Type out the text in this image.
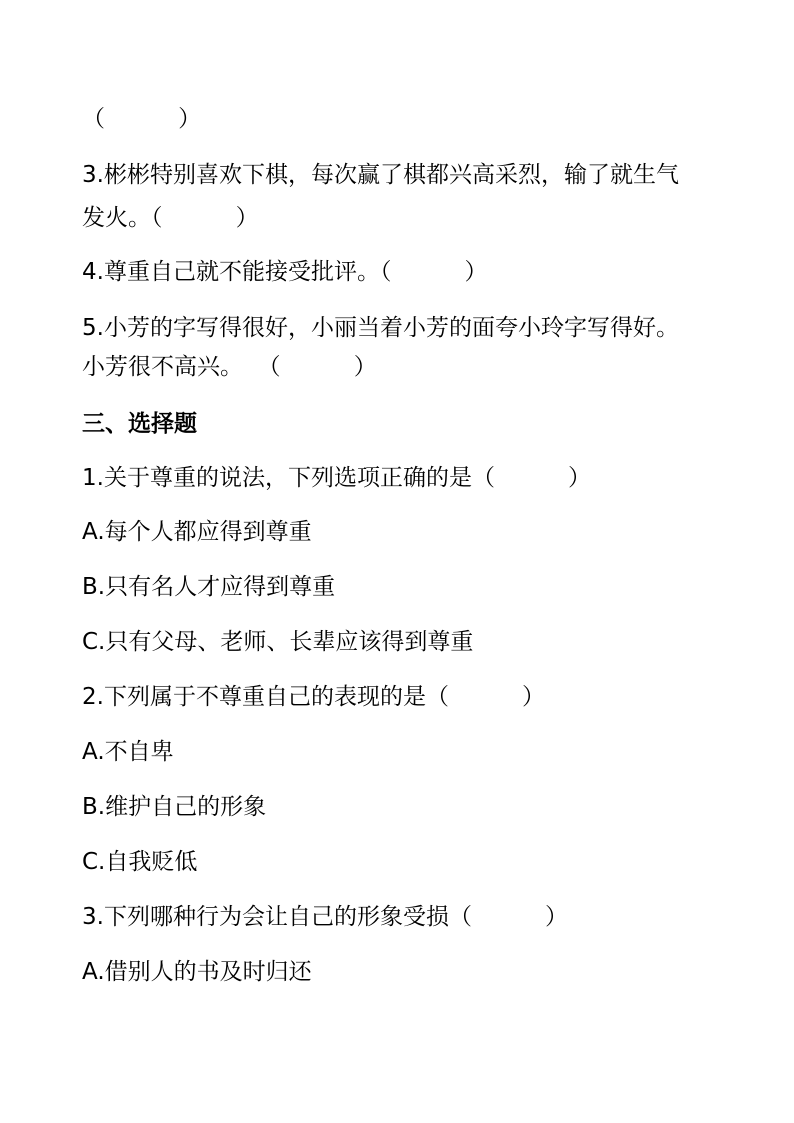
（          ）
3.彬彬特别喜欢下棋，每次赢了棋都兴高采烈，输了就生气
发火。（          ）
4.尊重自己就不能接受批评。（          ）
5.小芳的字写得很好，小丽当着小芳的面夸小玲字写得好。
小芳很不高兴。  （          ）
三、选择题
1.关于尊重的说法，下列选项正确的是（          ）
A.每个人都应得到尊重
B.只有名人才应得到尊重
C.只有父母、老师、长辈应该得到尊重
2.下列属于不尊重自己的表现的是（          ）
A.不自卑
B.维护自己的形象
C.自我贬低
3.下列哪种行为会让自己的形象受损（          ）
A.借别人的书及时归还
